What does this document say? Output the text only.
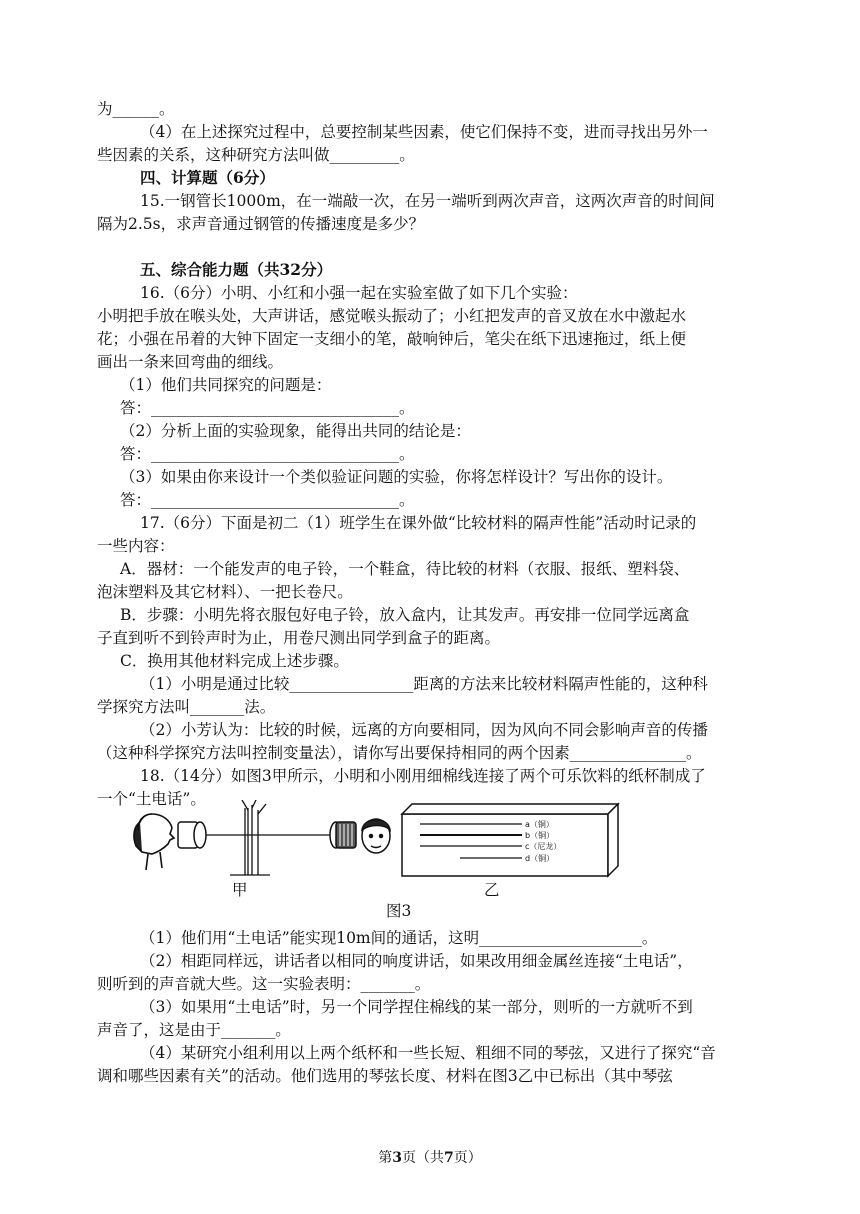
为______。
（4）在上述探究过程中，总要控制某些因素，使它们保持不变，进而寻找出另外一
些因素的关系，这种研究方法叫做_________。
四、计算题（6分）
15.一钢管长1000m，在一端敲一次，在另一端听到两次声音，这两次声音的时间间
隔为2.5s，求声音通过钢管的传播速度是多少？
五、综合能力题（共32分）
16.（6分）小明、小红和小强一起在实验室做了如下几个实验：
小明把手放在喉头处，大声讲话，感觉喉头振动了；小红把发声的音叉放在水中激起水
花；小强在吊着的大钟下固定一支细小的笔，敲响钟后，笔尖在纸下迅速拖过，纸上便
画出一条来回弯曲的细线。
（1）他们共同探究的问题是：
答：________________________________。
（2）分析上面的实验现象，能得出共同的结论是：
答：________________________________。
（3）如果由你来设计一个类似验证问题的实验，你将怎样设计？写出你的设计。
答：________________________________。
17.（6分）下面是初二（1）班学生在课外做“比较材料的隔声性能”活动时记录的
一些内容：
A．器材：一个能发声的电子铃，一个鞋盒，待比较的材料（衣服、报纸、塑料袋、
泡沫塑料及其它材料）、一把长卷尺。
B．步骤：小明先将衣服包好电子铃，放入盒内，让其发声。再安排一位同学远离盒
子直到听不到铃声时为止，用卷尺测出同学到盒子的距离。
C．换用其他材料完成上述步骤。
（1）小明是通过比较________________距离的方法来比较材料隔声性能的，这种科
学探究方法叫_______法。
（2）小芳认为：比较的时候，远离的方向要相同，因为风向不同会影响声音的传播
（这种科学探究方法叫控制变量法），请你写出要保持相同的两个因素_______________。
18.（14分）如图3甲所示，小明和小刚用细棉线连接了两个可乐饮料的纸杯制成了
一个“土电话”。
（1）他们用“土电话”能实现10m间的通话，这明_____________________。
（2）相距同样远，讲话者以相同的响度讲话，如果改用细金属丝连接“土电话”，
则听到的声音就大些。这一实验表明：_______。
（3）如果用“土电话”时，另一个同学捏住棉线的某一部分，则听的一方就听不到
声音了，这是由于_______。
（4）某研究小组利用以上两个纸杯和一些长短、粗细不同的琴弦，又进行了探究“音
调和哪些因素有关”的活动。他们选用的琴弦长度、材料在图3乙中已标出（其中琴弦
a（铜）
b（铜）
c（尼龙）
d（铜）
甲	乙
图3
第3页（共7页）
